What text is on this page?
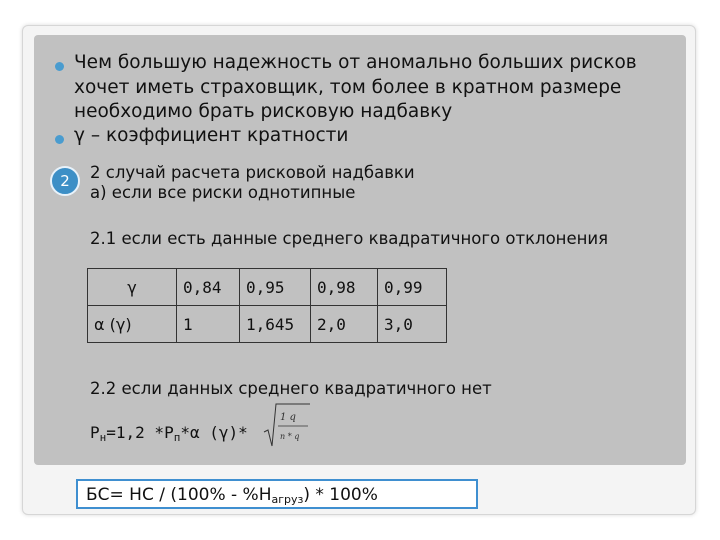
Чем большую надежность от аномально больших рисков
хочет иметь страховщик, том более в кратном размере
необходимо брать рисковую надбавку
γ – коэффициент кратности
2	2 случай расчета рисковой надбавки
а) если все риски однотипные
2.1 если есть данные среднего квадратичного отклонения
γ	0,84	0,95	0,98	0,99
α (γ)	1	1,645	2,0	3,0
2.2 если данных среднего квадратичного нет
$P_н=1,2$ $*P_п*\alpha$ (γ)*
1 q
n * q
БС= НС / $(100\% - \%Н_{агруз}) * 100\%$
